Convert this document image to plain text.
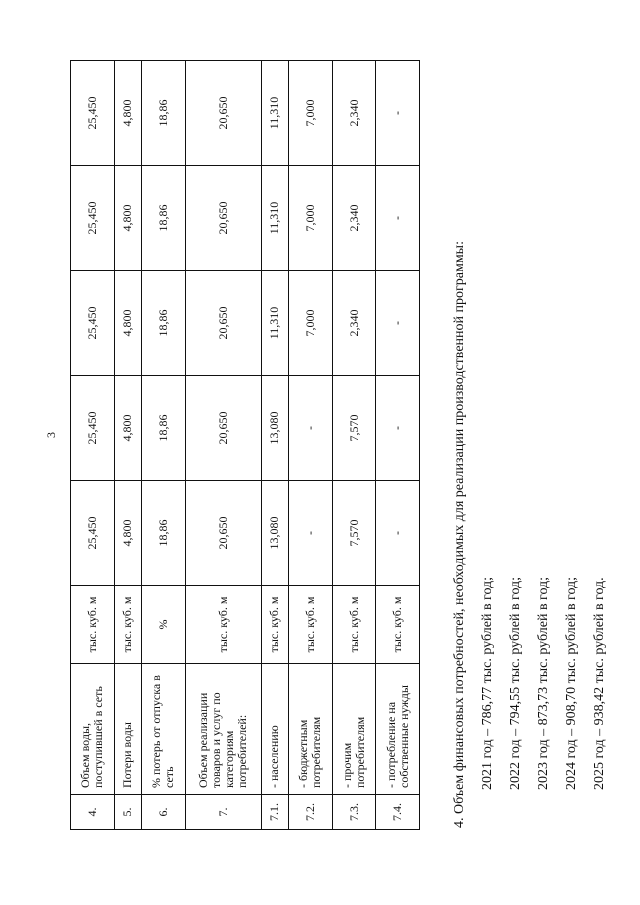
3
4.	Объем воды, поступившей в сеть	тыс. куб. м	25,450	25,450	25,450	25,450	25,450
5.	Потери воды	тыс. куб. м	4,800	4,800	4,800	4,800	4,800
6.	% потерь от отпуска в сеть	%	18,86	18,86	18,86	18,86	18,86
7.	Объем реализации товаров и услуг по категориям потребителей:	тыс. куб. м	20,650	20,650	20,650	20,650	20,650
7.1.	- населению	тыс. куб. м	13,080	13,080	11,310	11,310	11,310
7.2.	- бюджетным потребителям	тыс. куб. м	-	-	7,000	7,000	7,000
7.3.	- прочим потребителям	тыс. куб. м	7,570	7,570	2,340	2,340	2,340
7.4.	- потребление на собственные нужды	тыс. куб. м	-	-	-	-	-
4. Объем финансовых потребностей, необходимых для реализации производственной программы: 2021 год – 786,77 тыс. рублей в год; 2022 год – 794,55 тыс. рублей в год; 2023 год – 873,73 тыс. рублей в год; 2024 год – 908,70 тыс. рублей в год; 2025 год – 938,42 тыс. рублей в год.
